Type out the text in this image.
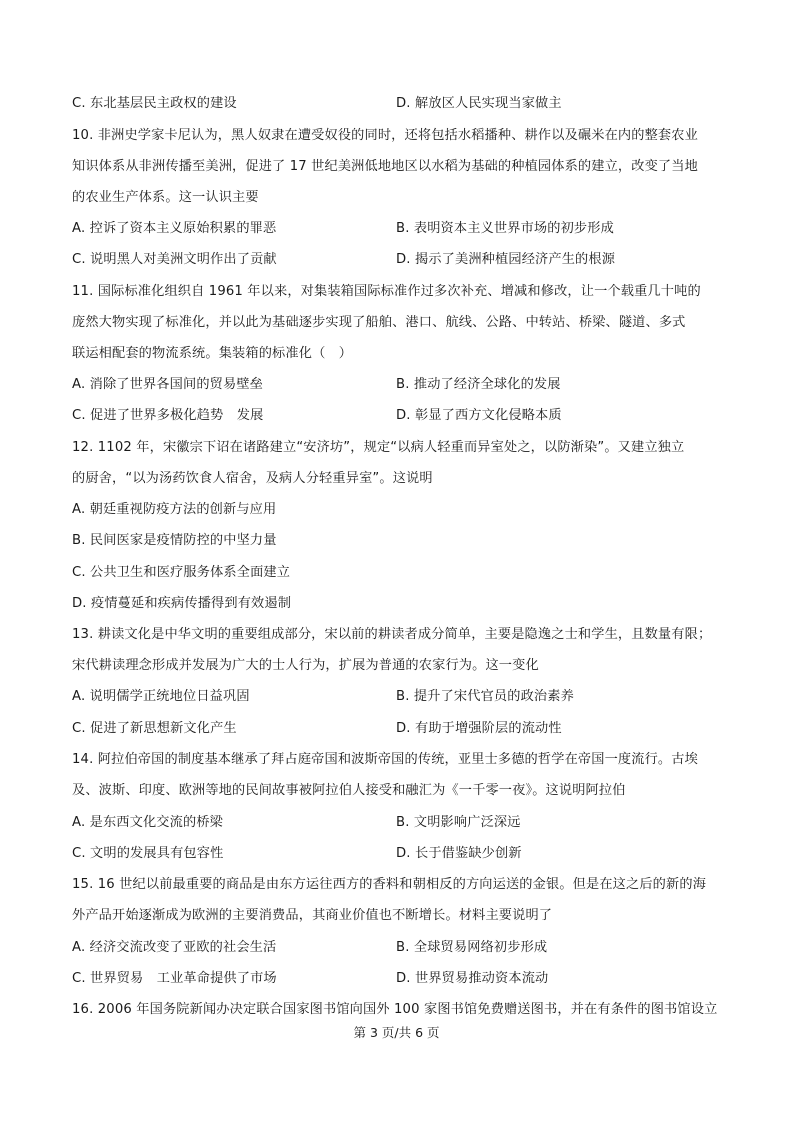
C. 东北基层民主政权的建设	D. 解放区人民实现当家做主
10. 非洲史学家卡尼认为，黑人奴隶在遭受奴役的同时，还将包括水稻播种、耕作以及碾米在内的整套农业
知识体系从非洲传播至美洲，促进了 17 世纪美洲低地地区以水稻为基础的种植园体系的建立，改变了当地
的农业生产体系。这一认识主要
A. 控诉了资本主义原始积累的罪恶	B. 表明资本主义世界市场的初步形成
C. 说明黑人对美洲文明作出了贡献	D. 揭示了美洲种植园经济产生的根源
11. 国际标准化组织自 1961 年以来，对集装箱国际标准作过多次补充、增减和修改，让一个载重几十吨的
庞然大物实现了标准化，并以此为基础逐步实现了船舶、港口、航线、公路、中转站、桥梁、隧道、多式
联运相配套的物流系统。集装箱的标准化（　）
A. 消除了世界各国间的贸易壁垒	B. 推动了经济全球化的发展
C. 促进了世界多极化趋势　发展	D. 彰显了西方文化侵略本质
12. 1102 年，宋徽宗下诏在诸路建立“安济坊”，规定“以病人轻重而异室处之，以防渐染”。又建立独立
的厨舍，“以为汤药饮食人宿舍，及病人分轻重异室”。这说明
A. 朝廷重视防疫方法的创新与应用
B. 民间医家是疫情防控的中坚力量
C. 公共卫生和医疗服务体系全面建立
D. 疫情蔓延和疾病传播得到有效遏制
13. 耕读文化是中华文明的重要组成部分，宋以前的耕读者成分简单，主要是隐逸之士和学生，且数量有限；
宋代耕读理念形成并发展为广大的士人行为，扩展为普通的农家行为。这一变化
A. 说明儒学正统地位日益巩固	B. 提升了宋代官员的政治素养
C. 促进了新思想新文化产生	D. 有助于增强阶层的流动性
14. 阿拉伯帝国的制度基本继承了拜占庭帝国和波斯帝国的传统，亚里士多德的哲学在帝国一度流行。古埃
及、波斯、印度、欧洲等地的民间故事被阿拉伯人接受和融汇为《一千零一夜》。这说明阿拉伯
A. 是东西文化交流的桥梁	B. 文明影响广泛深远
C. 文明的发展具有包容性	D. 长于借鉴缺少创新
15. 16 世纪以前最重要的商品是由东方运往西方的香料和朝相反的方向运送的金银。但是在这之后的新的海
外产品开始逐渐成为欧洲的主要消费品，其商业价值也不断增长。材料主要说明了
A. 经济交流改变了亚欧的社会生活	B. 全球贸易网络初步形成
C. 世界贸易　工业革命提供了市场	D. 世界贸易推动资本流动
16. 2006 年国务院新闻办决定联合国家图书馆向国外 100 家图书馆免费赠送图书，并在有条件的图书馆设立
第 3 页/共 6 页
